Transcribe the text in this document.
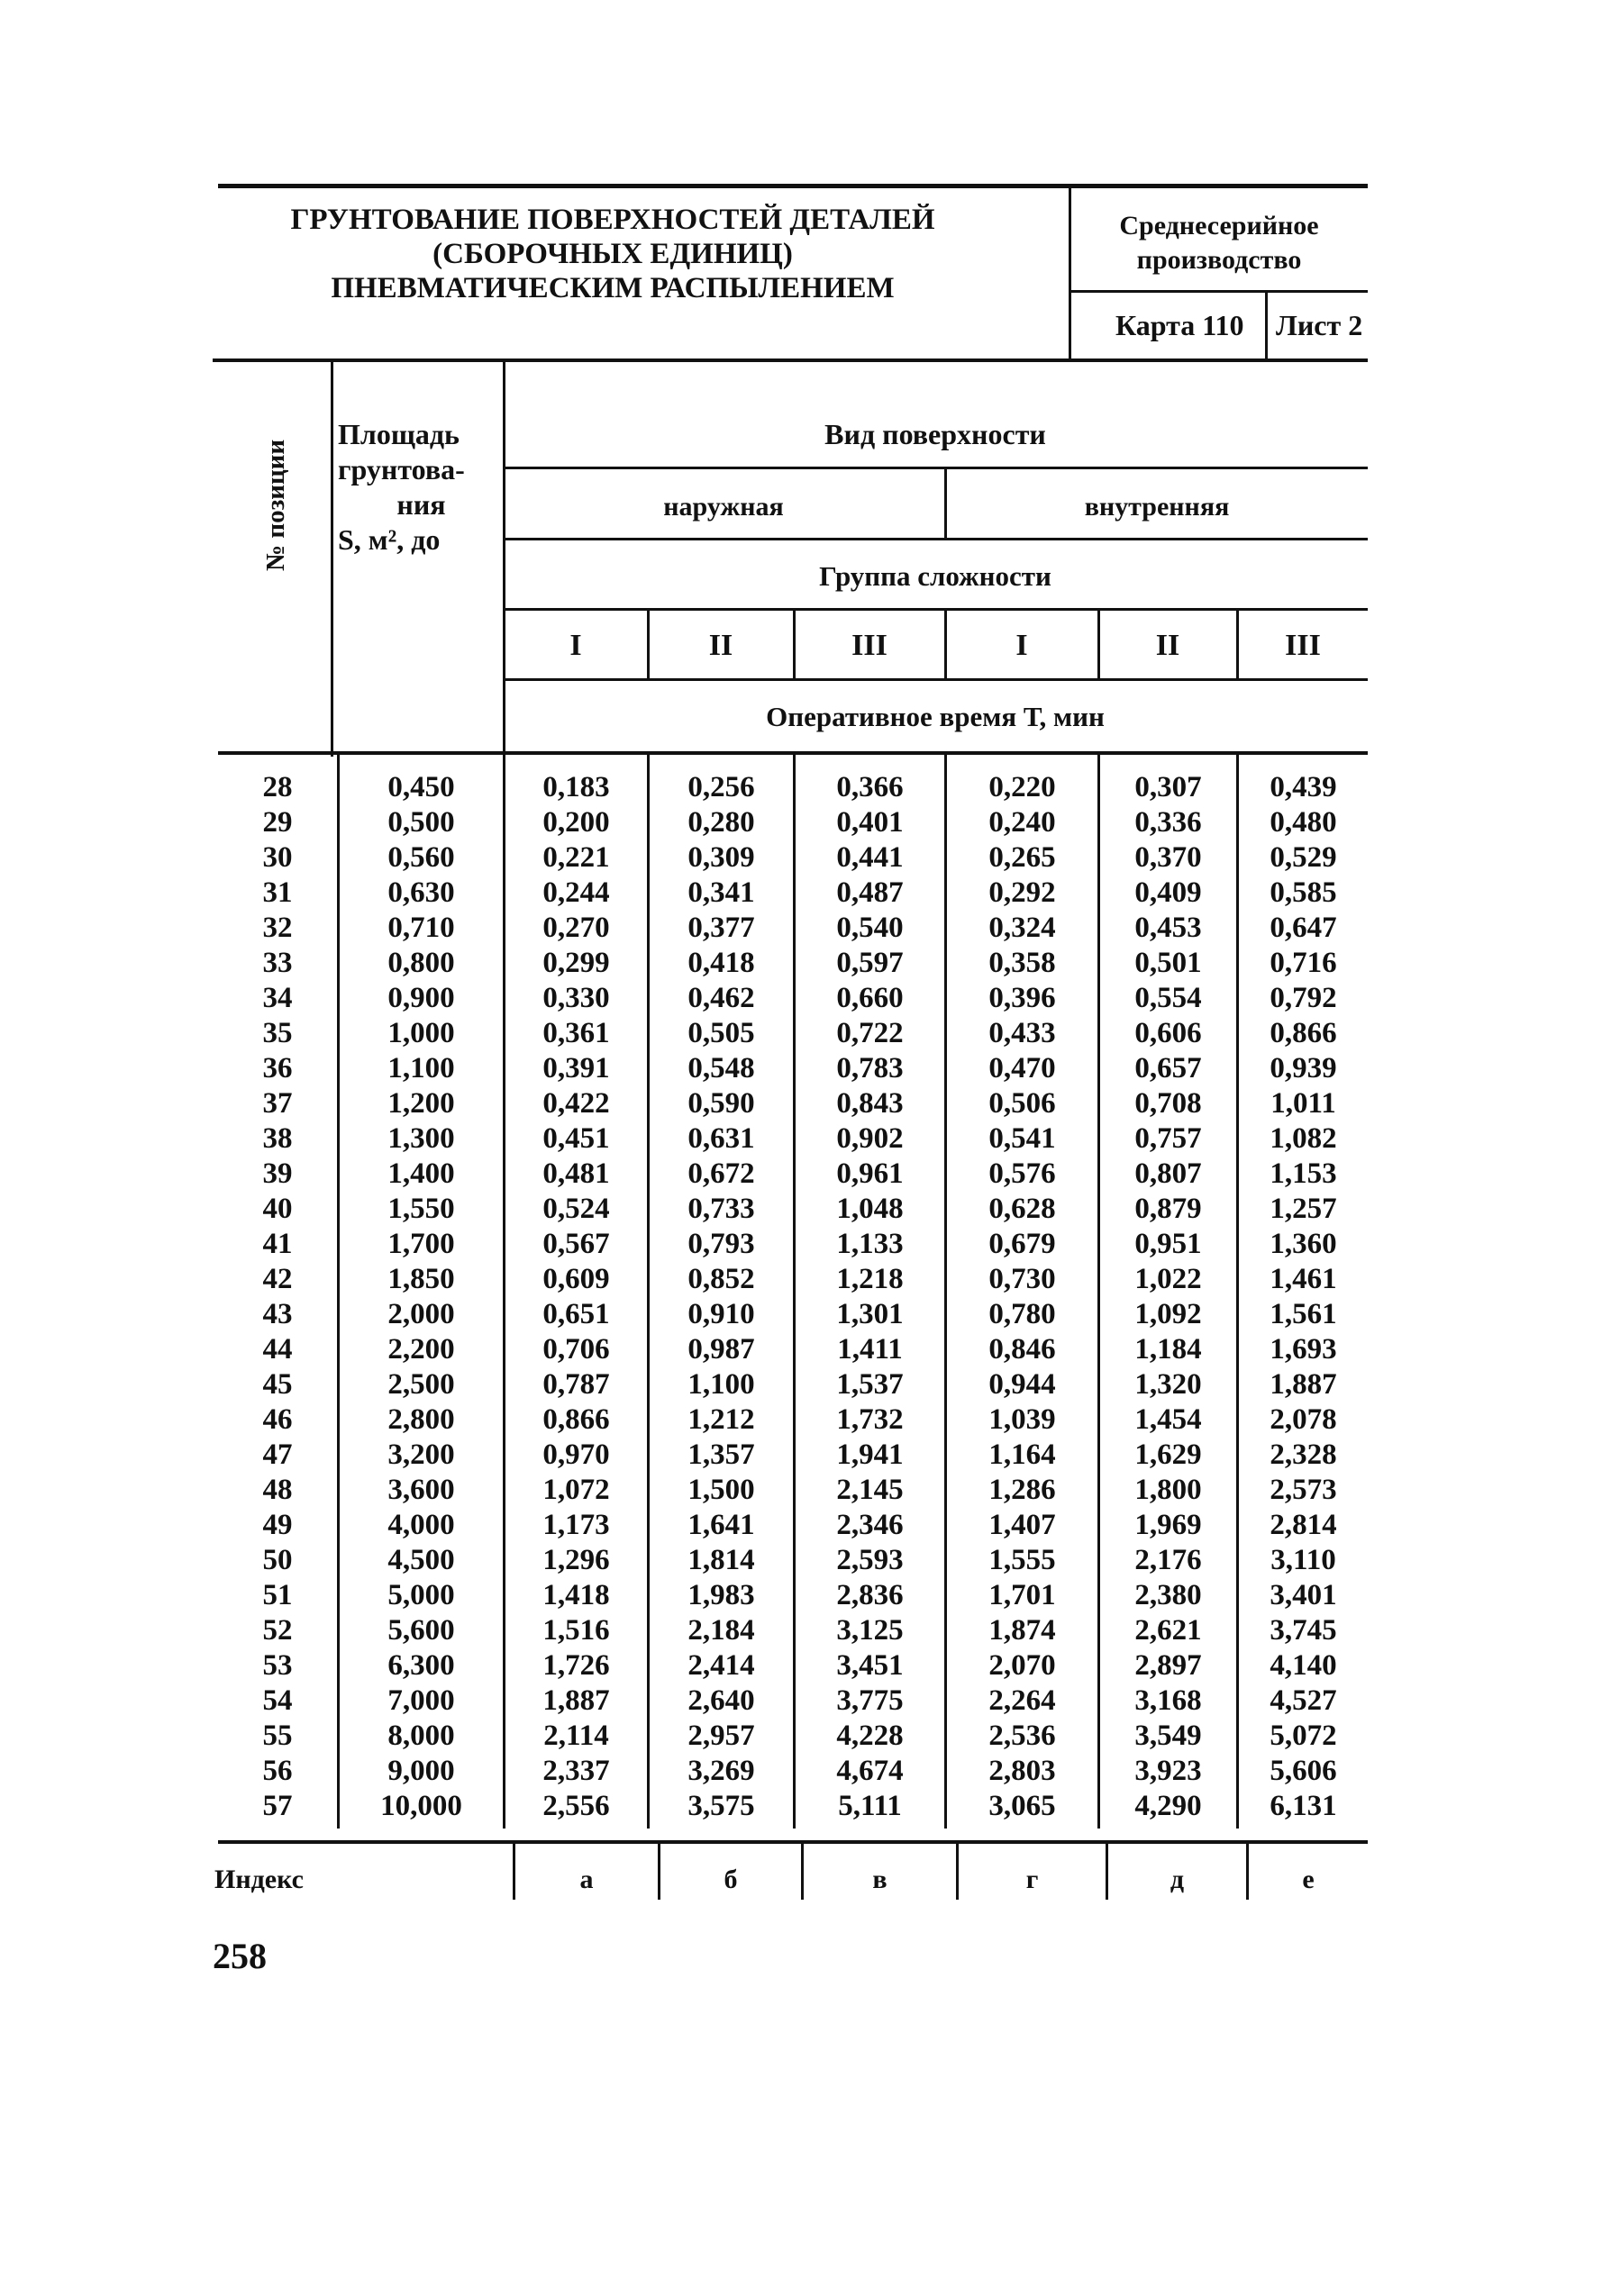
ГРУНТОВАНИЕ ПОВЕРХНОСТЕЙ ДЕТАЛЕЙ
(СБОРОЧНЫХ ЕДИНИЦ)
ПНЕВМАТИЧЕСКИМ РАСПЫЛЕНИЕМ
Среднесерийное
производство
Карта 110 Лист 2
№ позиции
Площадь
грунтова-
ния
S, м², до
Вид поверхности
наружная	внутренняя
Группа сложности
I	II	III	I	II	III
Оперативное время Т, мин
28	0,450	0,183	0,256	0,366	0,220	0,307	0,439
29	0,500	0,200	0,280	0,401	0,240	0,336	0,480
30	0,560	0,221	0,309	0,441	0,265	0,370	0,529
31	0,630	0,244	0,341	0,487	0,292	0,409	0,585
32	0,710	0,270	0,377	0,540	0,324	0,453	0,647
33	0,800	0,299	0,418	0,597	0,358	0,501	0,716
34	0,900	0,330	0,462	0,660	0,396	0,554	0,792
35	1,000	0,361	0,505	0,722	0,433	0,606	0,866
36	1,100	0,391	0,548	0,783	0,470	0,657	0,939
37	1,200	0,422	0,590	0,843	0,506	0,708	1,011
38	1,300	0,451	0,631	0,902	0,541	0,757	1,082
39	1,400	0,481	0,672	0,961	0,576	0,807	1,153
40	1,550	0,524	0,733	1,048	0,628	0,879	1,257
41	1,700	0,567	0,793	1,133	0,679	0,951	1,360
42	1,850	0,609	0,852	1,218	0,730	1,022	1,461
43	2,000	0,651	0,910	1,301	0,780	1,092	1,561
44	2,200	0,706	0,987	1,411	0,846	1,184	1,693
45	2,500	0,787	1,100	1,537	0,944	1,320	1,887
46	2,800	0,866	1,212	1,732	1,039	1,454	2,078
47	3,200	0,970	1,357	1,941	1,164	1,629	2,328
48	3,600	1,072	1,500	2,145	1,286	1,800	2,573
49	4,000	1,173	1,641	2,346	1,407	1,969	2,814
50	4,500	1,296	1,814	2,593	1,555	2,176	3,110
51	5,000	1,418	1,983	2,836	1,701	2,380	3,401
52	5,600	1,516	2,184	3,125	1,874	2,621	3,745
53	6,300	1,726	2,414	3,451	2,070	2,897	4,140
54	7,000	1,887	2,640	3,775	2,264	3,168	4,527
55	8,000	2,114	2,957	4,228	2,536	3,549	5,072
56	9,000	2,337	3,269	4,674	2,803	3,923	5,606
57	10,000	2,556	3,575	5,111	3,065	4,290	6,131
Индекс	а	б	в	г	д	е
258
